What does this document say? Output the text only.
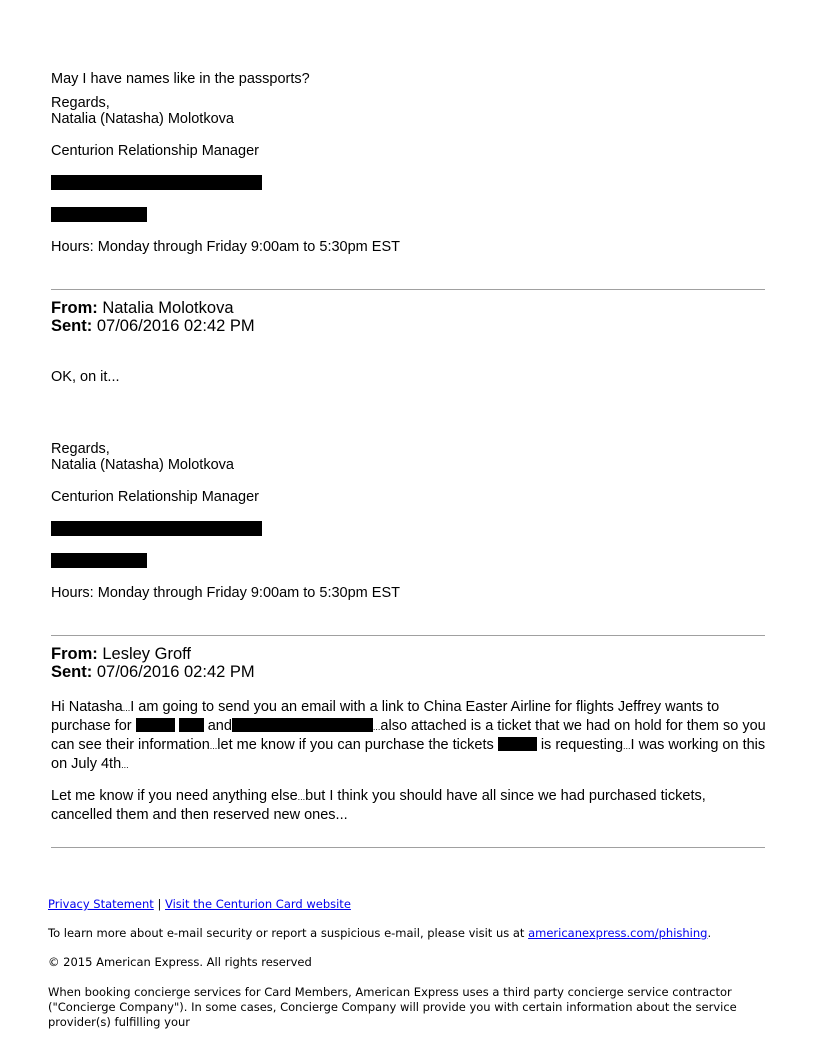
May I have names like in the passports?
Regards,
Natalia (Natasha) Molotkova
Centurion Relationship Manager
Hours: Monday through Friday 9:00am to 5:30pm EST
From: Natalia Molotkova
Sent: 07/06/2016 02:42 PM
OK, on it...
Regards,
Natalia (Natasha) Molotkova
Centurion Relationship Manager
Hours: Monday through Friday 9:00am to 5:30pm EST
From: Lesley Groff
Sent: 07/06/2016 02:42 PM
Hi Natasha...I am going to send you an email with a link to China Easter Airline for flights Jeffrey wants to purchase for	and	...also attached is a ticket that we had on hold for them so you can see their information...let me know if you can purchase the tickets	is requesting...I was working on this on July 4th...
Let me know if you need anything else...but I think you should have all since we had purchased tickets, cancelled them and then reserved new ones...
Privacy Statement | Visit the Centurion Card website
To learn more about e-mail security or report a suspicious e-mail, please visit us at americanexpress.com/phishing.
© 2015 American Express. All rights reserved
When booking concierge services for Card Members, American Express uses a third party concierge service contractor ("Concierge Company"). In some cases, Concierge Company will provide you with certain information about the service provider(s) fulfilling your
